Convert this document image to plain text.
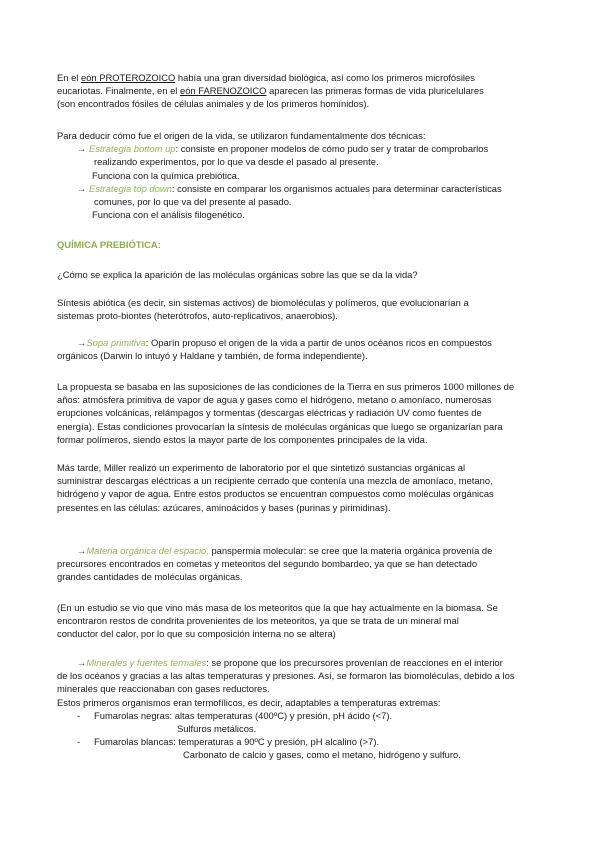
En el eón PROTEROZOICO había una gran diversidad biológica, así como los primeros microfósiles
eucariotas. Finalmente, en el eón FARENOZOICO aparecen las primeras formas de vida pluricelulares
(son encontrados fósiles de células animales y de los primeros homínidos).
Para deducir cómo fue el origen de la vida, se utilizaron fundamentalmente dos técnicas:
→ Estrategia bottom up: consiste en proponer modelos de cómo pudo ser y tratar de comprobarlos
realizando experimentos, por lo que va desde el pasado al presente.
Funciona con la química prebiótica.
→ Estrategia top down: consiste en comparar los organismos actuales para determinar características
comunes, por lo que va del presente al pasado.
Funciona con el análisis filogenético.
QUÍMICA PREBIÓTICA:
¿Cómo se explica la aparición de las moléculas orgánicas sobre las que se da la vida?
Síntesis abiótica (es decir, sin sistemas activos) de biomoléculas y polímeros, que evolucionarían a
sistemas proto-biontes (heterótrofos, auto-replicativos, anaerobios).
→Sopa primitiva: Oparín propuso el origen de la vida a partir de unos océanos ricos en compuestos
orgánicos (Darwin lo intuyó y Haldane y también, de forma independiente).
La propuesta se basaba en las suposiciones de las condiciones de la Tierra en sus primeros 1000 millones de
años: atmósfera primitiva de vapor de agua y gases como el hidrógeno, metano o amoníaco, numerosas
erupciones volcánicas, relámpagos y tormentas (descargas eléctricas y radiación UV como fuentes de
energía). Estas condiciones provocarían la síntesis de moléculas orgánicas que luego se organizarían para
formar polímeros, siendo estos la mayor parte de los componentes principales de la vida.
Más tarde, Miller realizó un experimento de laboratorio por el que sintetizó sustancias orgánicas al
suministrar descargas eléctricas a un recipiente cerrado que contenía una mezcla de amoníaco, metano,
hidrógeno y vapor de agua. Entre estos productos se encuentran compuestos como moléculas orgánicas
presentes en las células: azúcares, aminoácidos y bases (purinas y pirimidinas).
→Materia orgánica del espacio, panspermia molecular: se cree que la materia orgánica provenía de
precursores encontrados en cometas y meteoritos del segundo bombardeo, ya que se han detectado
grandes cantidades de moléculas orgánicas.
(En un estudio se vio que vino más masa de los meteoritos que la que hay actualmente en la biomasa. Se
encontraron restos de condrita provenientes de los meteoritos, ya que se trata de un mineral mal
conductor del calor, por lo que su composición interna no se altera)
→Minerales y fuentes termales: se propone que los precursores provenían de reacciones en el interior
de los océanos y gracias a las altas temperaturas y presiones. Así, se formaron las biomoléculas, debido a los
minerales que reaccionaban con gases reductores.
Estos primeros organismos eran termofílicos, es decir, adaptables a temperaturas extremas:
- Fumarolas negras: altas temperaturas (400ºC) y presión, pH ácido (<7).
Sulfuros metálicos.
- Fumarolas blancas: temperaturas a 90ºC y presión, pH alcalino (>7).
Carbonato de calcio y gases, como el metano, hidrógeno y sulfuro.
